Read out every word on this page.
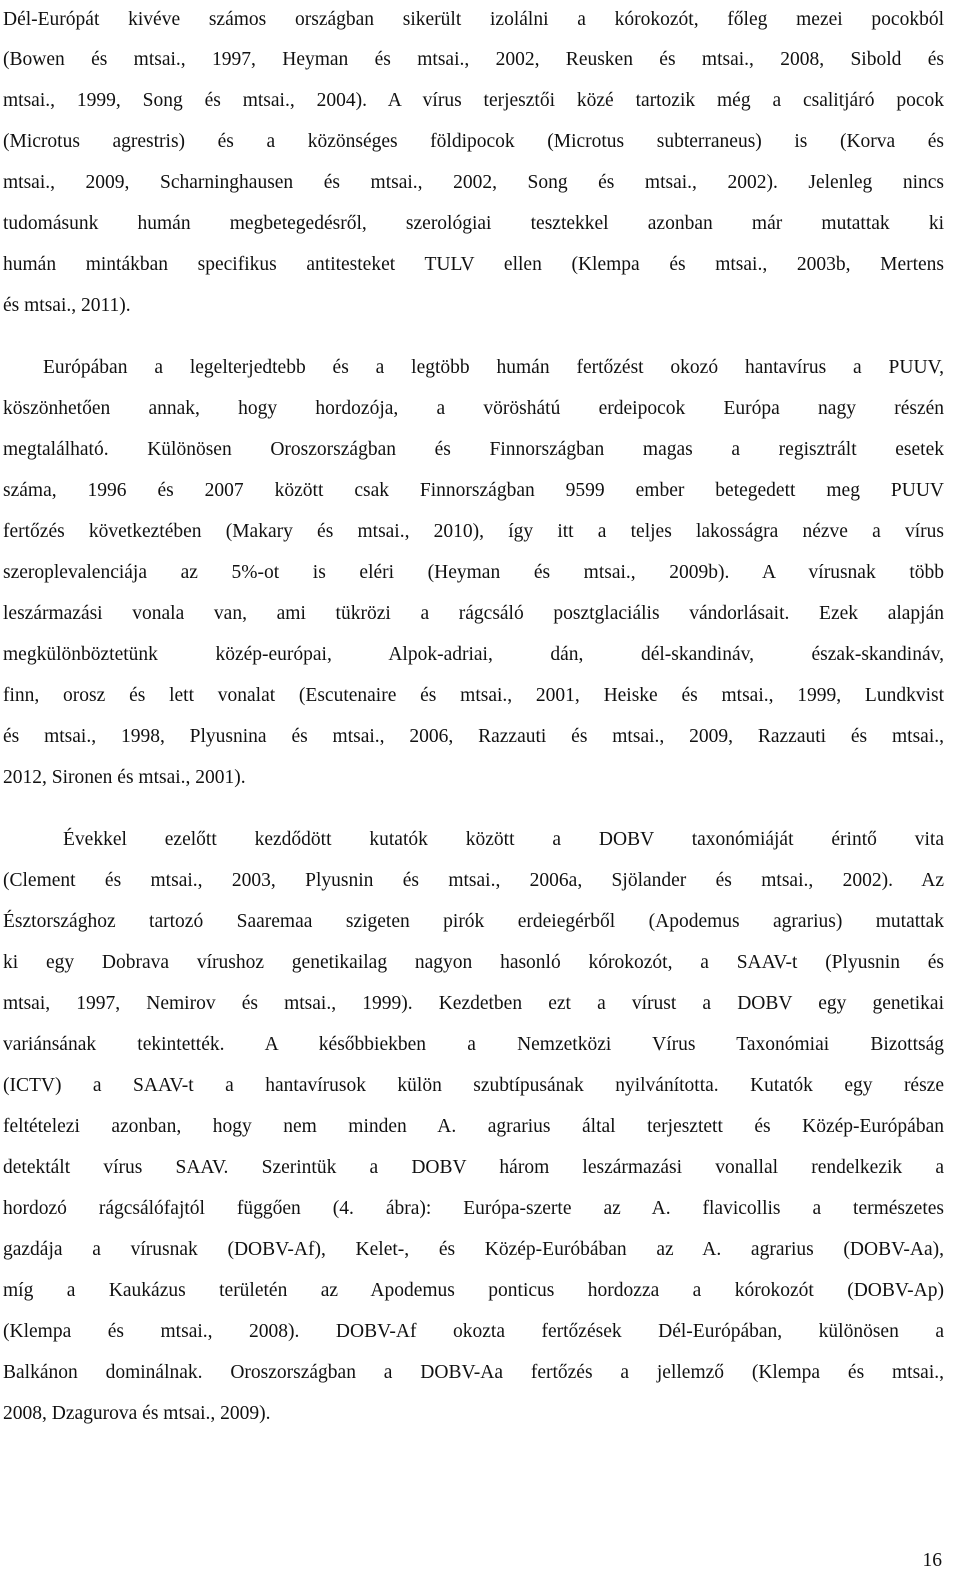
Dél-Európát kivéve számos országban sikerült izolálni a kórokozót, főleg mezei pocokból
(Bowen és mtsai., 1997, Heyman és mtsai., 2002, Reusken és mtsai., 2008, Sibold és
mtsai., 1999, Song és mtsai., 2004). A vírus terjesztői közé tartozik még a csalitjáró pocok
(Microtus agrestris) és a közönséges földipocok (Microtus subterraneus) is (Korva és
mtsai., 2009, Scharninghausen és mtsai., 2002, Song és mtsai., 2002). Jelenleg nincs
tudomásunk humán megbetegedésről, szerológiai tesztekkel azonban már mutattak ki
humán mintákban specifikus antitesteket TULV ellen (Klempa és mtsai., 2003b, Mertens
és mtsai., 2011).
Európában a legelterjedtebb és a legtöbb humán fertőzést okozó hantavírus a PUUV,
köszönhetően annak, hogy hordozója, a vöröshátú erdeipocok Európa nagy részén
megtalálható. Különösen Oroszországban és Finnországban magas a regisztrált esetek
száma, 1996 és 2007 között csak Finnországban 9599 ember betegedett meg PUUV
fertőzés következtében (Makary és mtsai., 2010), így itt a teljes lakosságra nézve a vírus
szeroplevalenciája az 5%-ot is eléri (Heyman és mtsai., 2009b). A vírusnak több
leszármazási vonala van, ami tükrözi a rágcsáló posztglaciális vándorlásait. Ezek alapján
megkülönböztetünk közép-európai, Alpok-adriai, dán, dél-skandináv, észak-skandináv,
finn, orosz és lett vonalat (Escutenaire és mtsai., 2001, Heiske és mtsai., 1999, Lundkvist
és mtsai., 1998, Plyusnina és mtsai., 2006, Razzauti és mtsai., 2009, Razzauti és mtsai.,
2012, Sironen és mtsai., 2001).
Évekkel ezelőtt kezdődött kutatók között a DOBV taxonómiáját érintő vita
(Clement és mtsai., 2003, Plyusnin és mtsai., 2006a, Sjölander és mtsai., 2002). Az
Észtországhoz tartozó Saaremaa szigeten pirók erdeiegérből (Apodemus agrarius) mutattak
ki egy Dobrava vírushoz genetikailag nagyon hasonló kórokozót, a SAAV-t (Plyusnin és
mtsai, 1997, Nemirov és mtsai., 1999). Kezdetben ezt a vírust a DOBV egy genetikai
variánsának tekintették. A későbbiekben a Nemzetközi Vírus Taxonómiai Bizottság
(ICTV) a SAAV-t a hantavírusok külön szubtípusának nyilvánította. Kutatók egy része
feltételezi azonban, hogy nem minden A. agrarius által terjesztett és Közép-Európában
detektált vírus SAAV. Szerintük a DOBV három leszármazási vonallal rendelkezik a
hordozó rágcsálófajtól függően (4. ábra): Európa-szerte az A. flavicollis a természetes
gazdája a vírusnak (DOBV-Af), Kelet-, és Közép-Euróbában az A. agrarius (DOBV-Aa),
míg a Kaukázus területén az Apodemus ponticus hordozza a kórokozót (DOBV-Ap)
(Klempa és mtsai., 2008). DOBV-Af okozta fertőzések Dél-Európában, különösen a
Balkánon dominálnak. Oroszországban a DOBV-Aa fertőzés a jellemző (Klempa és mtsai.,
2008, Dzagurova és mtsai., 2009).
16
